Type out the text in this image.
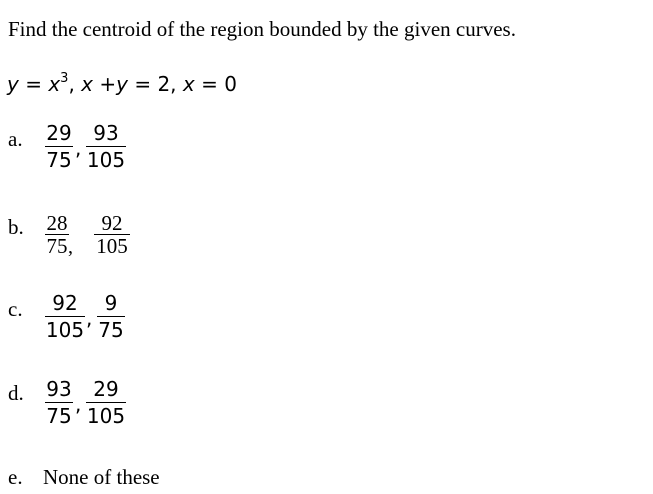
Find the centroid of the region bounded by the given curves.
$y = x^3$, x +y = 2, x = 0
a. 29
75 ,
93
105
b. 28
75 ,
92
105
c.	92
105 ,
9
75
d. 93
75 ,
29
105
e. None of these
